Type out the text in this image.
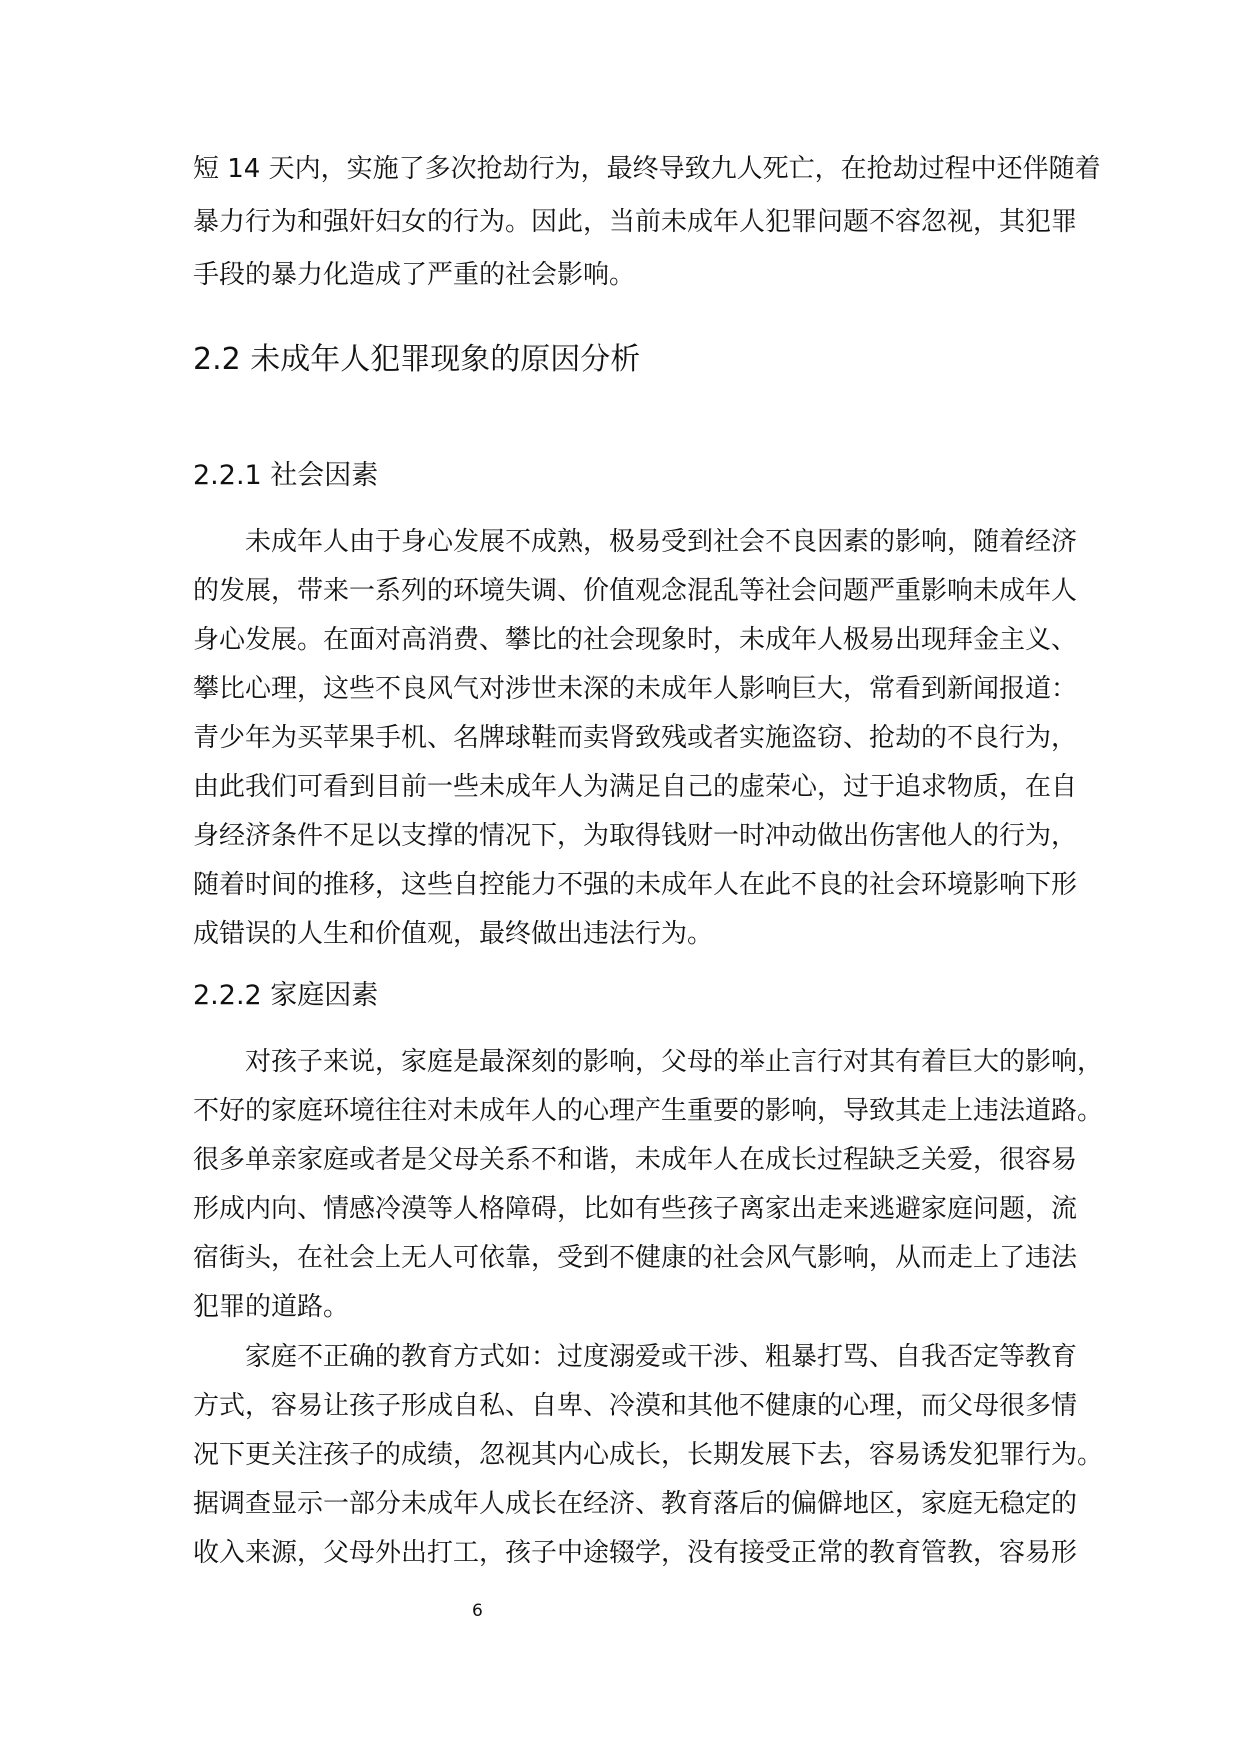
短 14 天内，实施了多次抢劫行为，最终导致九人死亡，在抢劫过程中还伴随着
暴力行为和强奸妇女的行为。因此，当前未成年人犯罪问题不容忽视，其犯罪
手段的暴力化造成了严重的社会影响。
2.2 未成年人犯罪现象的原因分析
2.2.1 社会因素
未成年人由于身心发展不成熟，极易受到社会不良因素的影响，随着经济
的发展，带来一系列的环境失调、价值观念混乱等社会问题严重影响未成年人
身心发展。在面对高消费、攀比的社会现象时，未成年人极易出现拜金主义、
攀比心理，这些不良风气对涉世未深的未成年人影响巨大，常看到新闻报道：
青少年为买苹果手机、名牌球鞋而卖肾致残或者实施盗窃、抢劫的不良行为，
由此我们可看到目前一些未成年人为满足自己的虚荣心，过于追求物质，在自
身经济条件不足以支撑的情况下，为取得钱财一时冲动做出伤害他人的行为，
随着时间的推移，这些自控能力不强的未成年人在此不良的社会环境影响下形
成错误的人生和价值观，最终做出违法行为。
2.2.2 家庭因素
对孩子来说，家庭是最深刻的影响，父母的举止言行对其有着巨大的影响，
不好的家庭环境往往对未成年人的心理产生重要的影响，导致其走上违法道路。
很多单亲家庭或者是父母关系不和谐，未成年人在成长过程缺乏关爱，很容易
形成内向、情感冷漠等人格障碍，比如有些孩子离家出走来逃避家庭问题，流
宿街头，在社会上无人可依靠，受到不健康的社会风气影响，从而走上了违法
犯罪的道路。
家庭不正确的教育方式如：过度溺爱或干涉、粗暴打骂、自我否定等教育
方式，容易让孩子形成自私、自卑、冷漠和其他不健康的心理，而父母很多情
况下更关注孩子的成绩，忽视其内心成长，长期发展下去，容易诱发犯罪行为。
据调查显示一部分未成年人成长在经济、教育落后的偏僻地区，家庭无稳定的
收入来源，父母外出打工，孩子中途辍学，没有接受正常的教育管教，容易形
6
